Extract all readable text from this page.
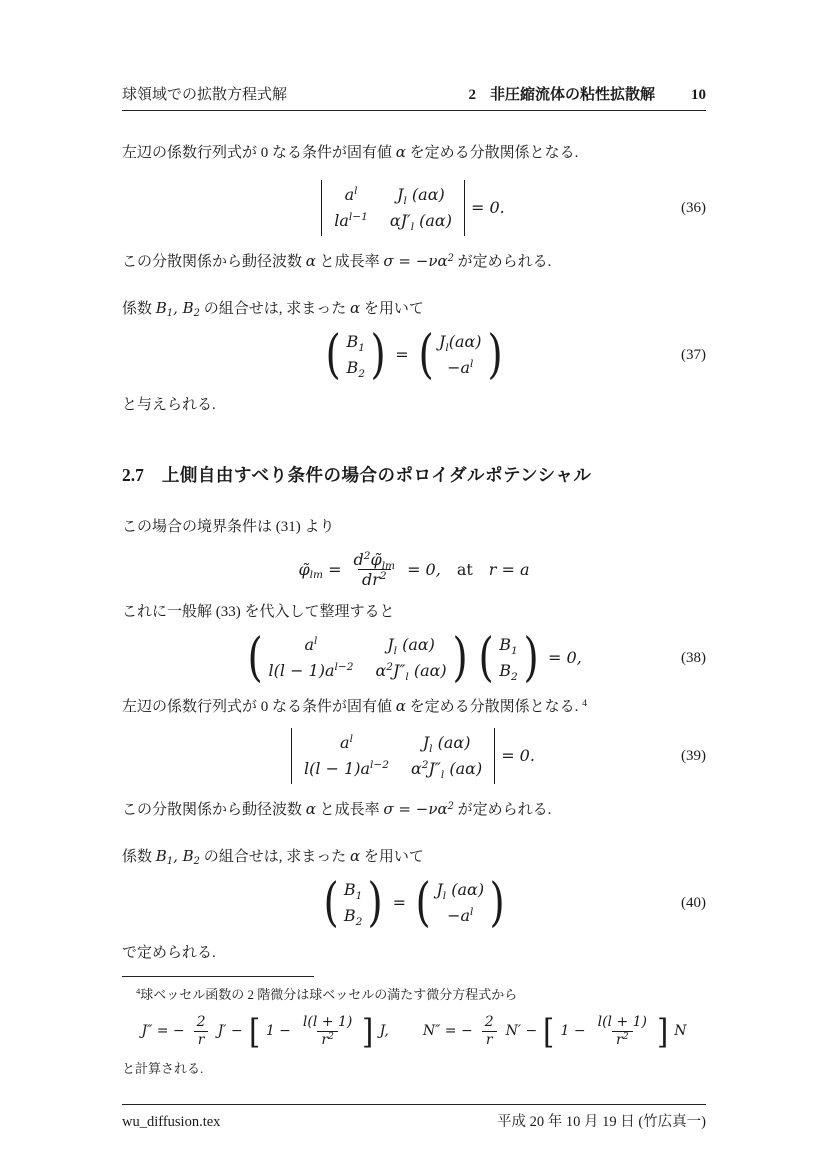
球領域での拡散方程式解	2 非圧縮流体の粘性拡散解 10

左辺の係数行列式が 0 なる条件が固有値 α を定める分散関係となる.

$a^l$ $J_l$ (aα)
$la^{l-1}$ $\alpha J'_l$ (aα)
= 0.	(36)

この分散関係から動径波数 α と成長率 $\sigma = -\nu\alpha^2$ が定められる.

係数 $B_1$, $B_2$ の組合せは, 求まった α を用いて

( $B_1$
$B_2$ ) = ( $J_l(a\alpha)$
$-a^l$ )	(37)

と与えられる.

2.7 上側自由すべり条件の場合のポロイダルポテンシャル

この場合の境界条件は (31) より

$\varphĩ_{lm} = \frac{d^2\varphĩ_{lm}}{dr^2} = 0$, at r = a

これに一般解 (33) を代入して整理すると

(	$a^l$	$J_l$ (aα)
$l(l - 1)a^{l-2}$ $\alpha^2J''_l$ (aα) ) ( $B_1$
$B_2$ ) = 0,	(38)

左辺の係数行列式が 0 なる条件が固有値 α を定める分散関係となる. $^4$

$a^l$	$J_l$ (aα)
$l(l - 1)a^{l-2}$ $\alpha^2J''_l$ (aα)
= 0.	(39)

この分散関係から動径波数 α と成長率 $\sigma = -\nu\alpha^2$ が定められる.

係数 $B_1$, $B_2$ の組合せは, 求まった α を用いて

( $B_1$
$B_2$ ) = ( $J_l$ (aα)
$-a^l$ )	(40)

で定められる.

$^4$球ベッセル函数の 2 階微分は球ベッセルの満たす微分方程式から

J″ = − $\frac{2}{r} J'$ − [ $1 - \frac{l(l + 1)}{r^2}$ ] J, N″ = − $\frac{2}{r} N'$ − [ $1 - \frac{l(l + 1)}{r^2}$ ] N

と計算される.

wu_diffusion.tex	平成 20 年 10 月 19 日 (竹広真一)
